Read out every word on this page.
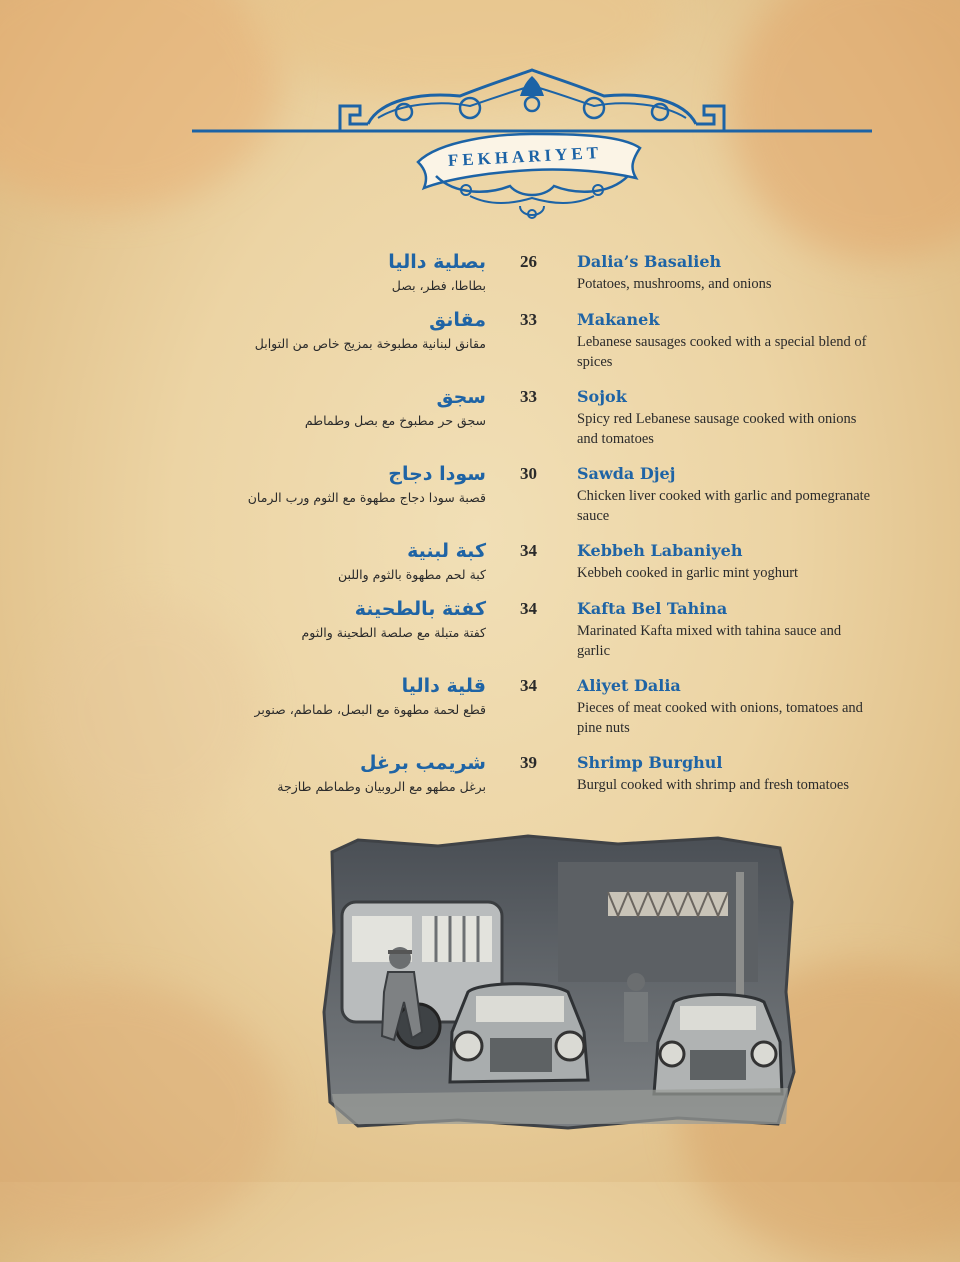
FEKHARIYET
بصلية داليا
بطاطا، فطر، بصل
26	Dalia’s Basalieh
Potatoes, mushrooms, and onions
مقانق
مقانق لبنانية مطبوخة بمزيج خاص من التوابل
33	Makanek
Lebanese sausages cooked with a special blend of spices
سجق
سجق حر مطبوخ مع بصل وطماطم
33	Sojok
Spicy red Lebanese sausage cooked with onions and tomatoes
سودا دجاج
قصبة سودا دجاج مطهوة مع الثوم ورب الرمان
30	Sawda Djej
Chicken liver cooked with garlic and pomegranate sauce
كبة لبنية
كبة لحم مطهوة بالثوم واللبن
34	Kebbeh Labaniyeh
Kebbeh cooked in garlic mint yoghurt
كفتة بالطحينة
كفتة متبلة مع صلصة الطحينة والثوم
34	Kafta Bel Tahina
Marinated Kafta mixed with tahina sauce and garlic
قلية داليا
قطع لحمة مطهوة مع البصل، طماطم، صنوبر
34	Aliyet Dalia
Pieces of meat cooked with onions, tomatoes and pine nuts
شريمب برغل
برغل مطهو مع الروبيان وطماطم طازجة
39	Shrimp Burghul
Burgul cooked with shrimp and fresh tomatoes
